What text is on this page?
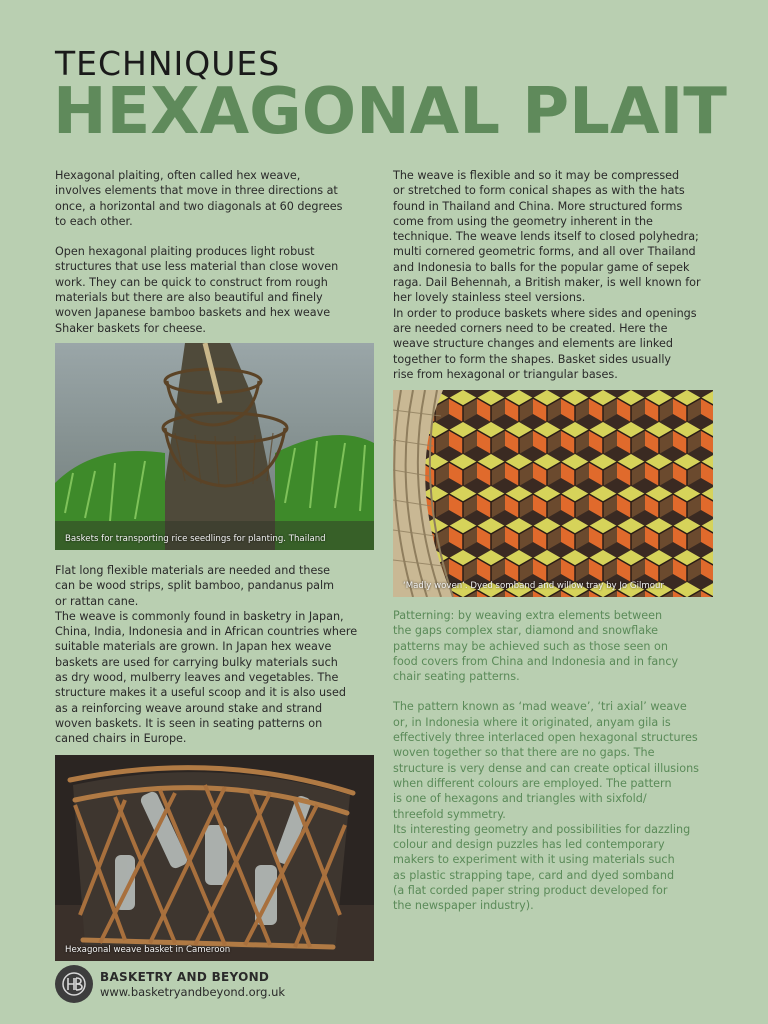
TECHNIQUES
HEXAGONAL PLAIT

Hexagonal plaiting, often called hex weave,

involves elements that move in three directions at

once, a horizontal and two diagonals at 60 degrees

to each other.

Open hexagonal plaiting produces light robust

structures that use less material than close woven

work. They can be quick to construct from rough

materials but there are also beautiful and finely

woven Japanese bamboo baskets and hex weave

Shaker baskets for cheese.

Baskets for transporting rice seedlings for planting. Thailand

Flat long flexible materials are needed and these

can be wood strips, split bamboo, pandanus palm

or rattan cane.

The weave is commonly found in basketry in Japan,

China, India, Indonesia and in African countries where

suitable materials are grown. In Japan hex weave

baskets are used for carrying bulky materials such

as dry wood, mulberry leaves and vegetables. The

structure makes it a useful scoop and it is also used

as a reinforcing weave around stake and strand

woven baskets. It is seen in seating patterns on

caned chairs in Europe.

Hexagonal weave basket in Cameroon

The weave is flexible and so it may be compressed

or stretched to form conical shapes as with the hats

found in Thailand and China. More structured forms

come from using the geometry inherent in the

technique. The weave lends itself to closed polyhedra;

multi cornered geometric forms, and all over Thailand

and Indonesia to balls for the popular game of sepek

raga. Dail Behennah, a British maker, is well known for

her lovely stainless steel versions.

In order to produce baskets where sides and openings

are needed corners need to be created. Here the

weave structure changes and elements are linked

together to form the shapes. Basket sides usually

rise from hexagonal or triangular bases.

‘Madly woven’. Dyed somband and willow tray by Jo Gilmour

Patterning: by weaving extra elements between

the gaps complex star, diamond and snowflake

patterns may be achieved such as those seen on

food covers from China and Indonesia and in fancy

chair seating patterns.

The pattern known as ‘mad weave’, ‘tri axial’ weave

or, in Indonesia where it originated, anyam gila is

effectively three interlaced open hexagonal structures

woven together so that there are no gaps. The

structure is very dense and can create optical illusions

when different colours are employed. The pattern

is one of hexagons and triangles with sixfold/

threefold symmetry.

Its interesting geometry and possibilities for dazzling

colour and design puzzles has led contemporary

makers to experiment with it using materials such

as plastic strapping tape, card and dyed somband

(a flat corded paper string product developed for

the newspaper industry).

BASKETRY AND BEYOND
www.basketryandbeyond.org.uk
